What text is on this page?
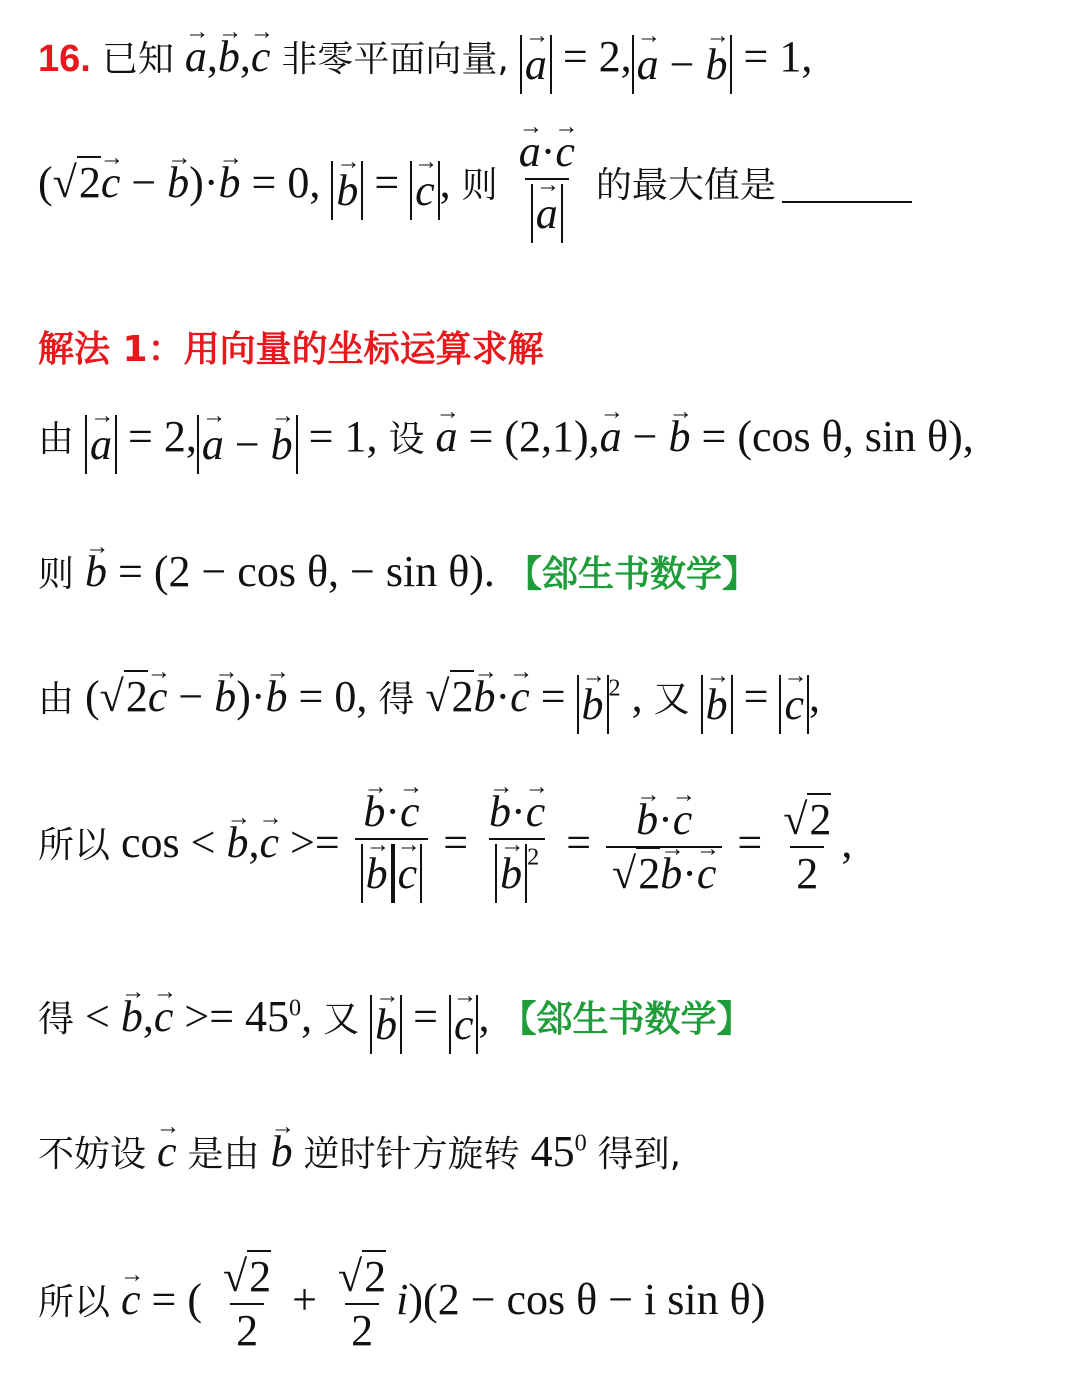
16. 已知 → a,→ b,→ c 非零平面向量, → a = 2, → a − → b = 1,
(√2→ c − → b)·→ b = 0, → b = → c , 则 → a·→ c
→ a 的最大值是
解法 1：用向量的坐标运算求解
由 → a = 2, → a − → b = 1, 设 → a = (2,1),→ a − → b = (cos θ, sin θ),
则 → b = (2 − cos θ, − sin θ). 【郐生书数学】
由 (√2→ c − → b)·→ b = 0, 得 √2→ b·→ c = → b $^2$ , 又 → b = → c ,
所以 cos < → b,→ c >= → b·→ c
→ b → c = → b·→ c
→ b $^2$ = → $\frac{b\cdot\to c}{√2\to b\cdot\to c} = \frac{√2}{2}$ ,
得 < → $b,\to c >= 45^0$, 又 → b = → c , 【郐生书数学】
不妨设 → c 是由 → b 逆时针方旋转 $45^0$ 得到,
所以 → c = ( $\frac{√2}{2} + \frac{√2}{2} i)(2 - \cos \theta - i$ sin θ)
